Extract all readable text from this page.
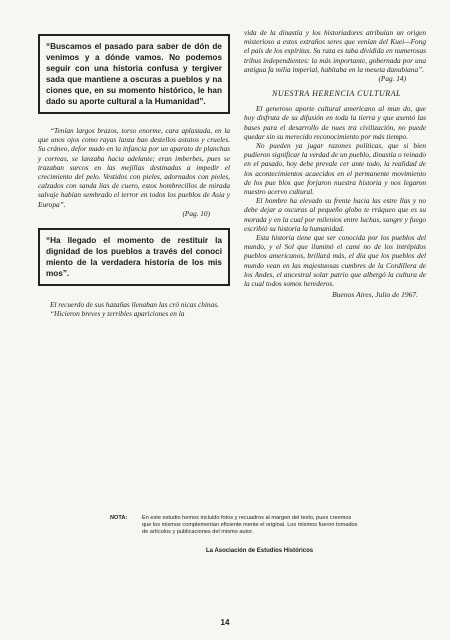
“Buscamos el pasado para saber de dón de venimos y a dónde vamos. No podemos seguir con una historia confusa y tergiver sada que mantiene a oscuras a pueblos y na ciones que, en su momento histórico, le han dado su aporte cultural a la Humanidad”.

“Tenían largos brazos, torso enorme, cara aplastada, en la que unos ojos como rayas lanza ban destellos astutos y crueles. Su cráneo, defor mado en la infancia por un aparato de planchas y correas, se lanzaba hacia adelante; eran imberbes, pues se trazaban surcos en las mejillas destinadas a impedir el crecimiento del pelo. Vestidos con pieles, adornados con pieles, calzados con sanda lias de cuero, estos hombrecillos de mirada salvaje habían sembrado el terror en todos los pueblos de Asia y Europa”.

(Pag. 10)

“Ha llegado el momento de restituir la dignidad de los pueblos a través del conoci miento de la verdadera historia de los mis mos”.

El recuerdo de sus hazañas llenaban las cró nicas chinas.

“Hicieron breves y terribles apariciones en la

vida de la dinastía y los historiadores atribuían un origen misterioso a estos extraños seres que venían del Kuei—Fong el país de los espíritus. Su raza es taba dividida en numerosas tribus independientes: la más importante, gobernada por una antigua fa milia imperial, habitaba en la meseta danubiana”.

(Pag. 14)

NUESTRA HERENCIA CULTURAL

El generoso aporte cultural americano al mun do, que hoy disfruta de su difusión en toda la tierra y que asentó las bases para el desarrollo de nues tra civilización, no puede quedar sin su merecido reconocimiento por más tiempo.

No pueden ya jugar razones políticas, que si bien pudieron significar la verdad de un pueblo, dinastía o reinado en el pasado, hoy debe prevale cer ante todo, la realidad de los acontecimientos acaecidos en el permanente movimiento de los pue blos que forjaron nuestra historia y nos legaron nuestro acervo cultural.

El hombre ha elevado su frente hacia las estre llas y no debe dejar a oscuras al pequeño globo te rráqueo que es su morada y en la cual por milenios entre luchas, sangre y fuego escribió su historia la humanidad.

Esta historia tiene que ser conocida por los pueblos del mundo, y el Sol que iluminó el cami no de los intrépidos pueblos americanos, brillará más, el día que los pueblos del mundo vean en las majestuosas cumbres de la Cordillera de los Andes, el ancestral solar patrio que albergó la cultura de la cual todos somos herederos.

Buenos Aires, Julio de 1967.
NOTA:	En este estudio hemos incluido fotos y recuadros al margen del texto, pues creemos que los mismos complementan eficiente mente el original. Los mismos fueron tomados de artículos y publicaciones del mismo autor.
La Asociación de Estudios Históricos
14
